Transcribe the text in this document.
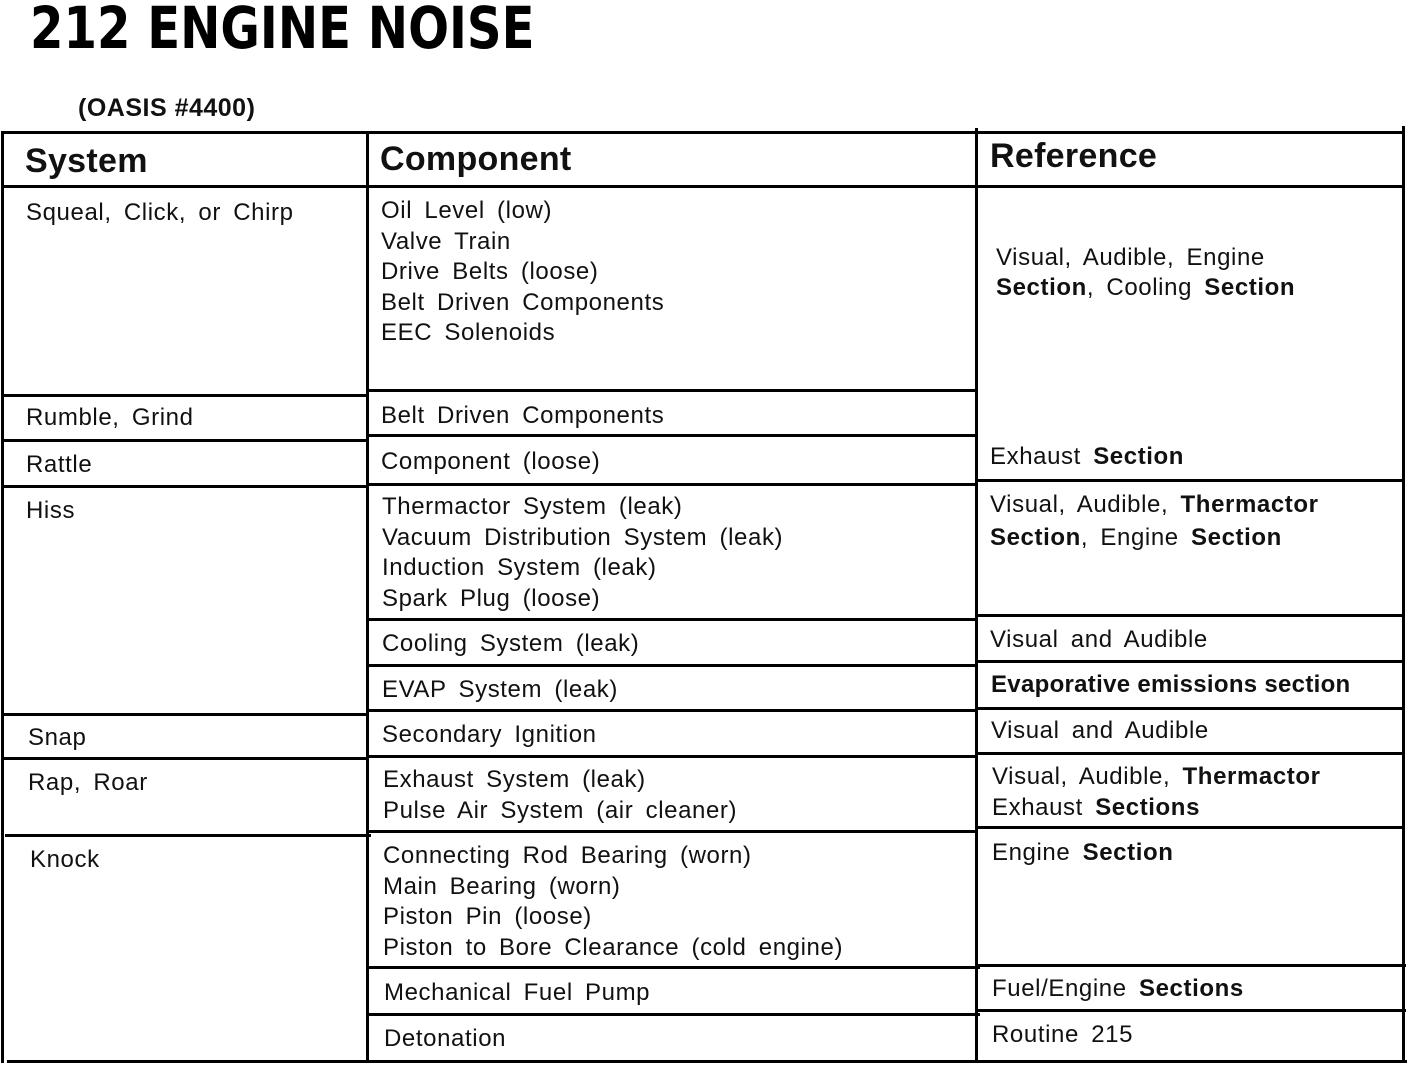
212 ENGINE NOISE
(OASIS #4400)
System	Component	Reference
Squeal, Click, or Chirp
Rumble, Grind
Rattle
Hiss
Snap
Rap, Roar
Knock
Oil Level (low)
Valve Train
Drive Belts (loose)
Belt Driven Components
EEC Solenoids
Belt Driven Components
Component (loose)
Thermactor System (leak)
Vacuum Distribution System (leak)
Induction System (leak)
Spark Plug (loose)
Cooling System (leak)
EVAP System (leak)
Secondary Ignition
Exhaust System (leak)
Pulse Air System (air cleaner)
Connecting Rod Bearing (worn)
Main Bearing (worn)
Piston Pin (loose)
Piston to Bore Clearance (cold engine)
Mechanical Fuel Pump
Detonation
Visual, Audible, Engine
Section, Cooling Section
Exhaust Section
Visual, Audible, Thermactor
Section, Engine Section
Visual and Audible
Evaporative emissions section
Visual and Audible
Visual, Audible, Thermactor
Exhaust Sections
Engine Section
Fuel/Engine Sections
Routine 215
